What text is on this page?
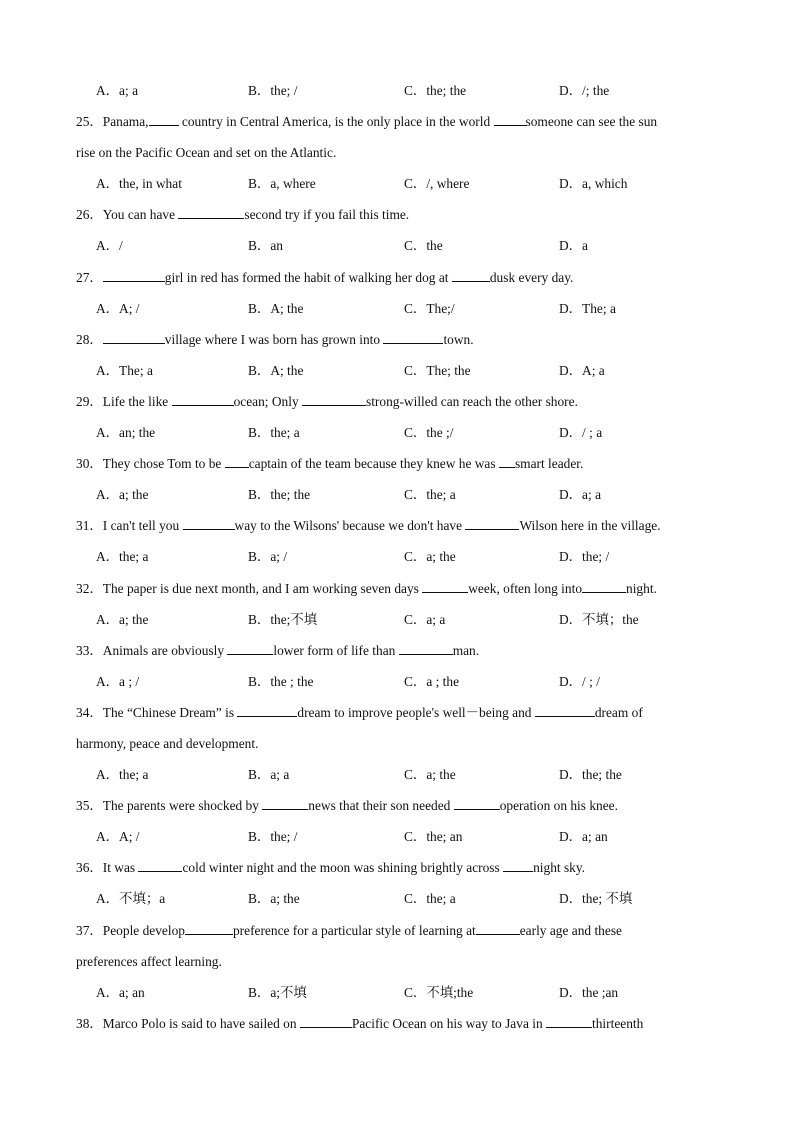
A．a; a	B．the; /	C．the; the	D．/; the
25．Panama, country in Central America, is the only place in the world someone can see the sun
rise on the Pacific Ocean and set on the Atlantic.
A．the, in what	B．a, where	C．/, where	D．a, which
26．You can have	second try if you fail this time.
A．/	B．an	C．the	D．a
27．	girl in red has formed the habit of walking her dog at	dusk every day.
A．A; /	B．A; the	C．The;/	D．The; a
28．	village where I was born has grown into	town.
A．The; a	B．A; the	C．The; the	D．A; a
29．Life the like	ocean; Only	strong-willed can reach the other shore.
A．an; the	B．the; a	C．the ;/	D．/ ; a
30．They chose Tom to be captain of the team because they knew he was smart leader.
A．a; the	B．the; the	C．the; a	D．a; a
31．I can't tell you	way to the Wilsons' because we don't have	Wilson here in the village.
A．the; a	B．a; /	C．a; the	D．the; /
32．The paper is due next month, and I am working seven days	week, often long into	night.
A．a; the	B．the;不填	C．a; a	D．不填；the
33．Animals are obviously	lower form of life than	man.
A．a ; /	B．the ; the	C．a ; the	D．/ ; /
34．The “Chinese Dream” is	dream to improve people's well－being and	dream of
harmony, peace and development.
A．the; a	B．a; a	C．a; the	D．the; the
35．The parents were shocked by	news that their son needed	operation on his knee.
A．A; /	B．the; /	C．the; an	D．a; an
36．It was	cold winter night and the moon was shining brightly across night sky.
A．不填；a	B．a; the	C．the; a	D．the; 不填
37．People develop	preference for a particular style of learning at	early age and these
preferences affect learning.
A．a; an	B．a;不填	C．不填;the	D．the ;an
38．Marco Polo is said to have sailed on	Pacific Ocean on his way to Java in	thirteenth
